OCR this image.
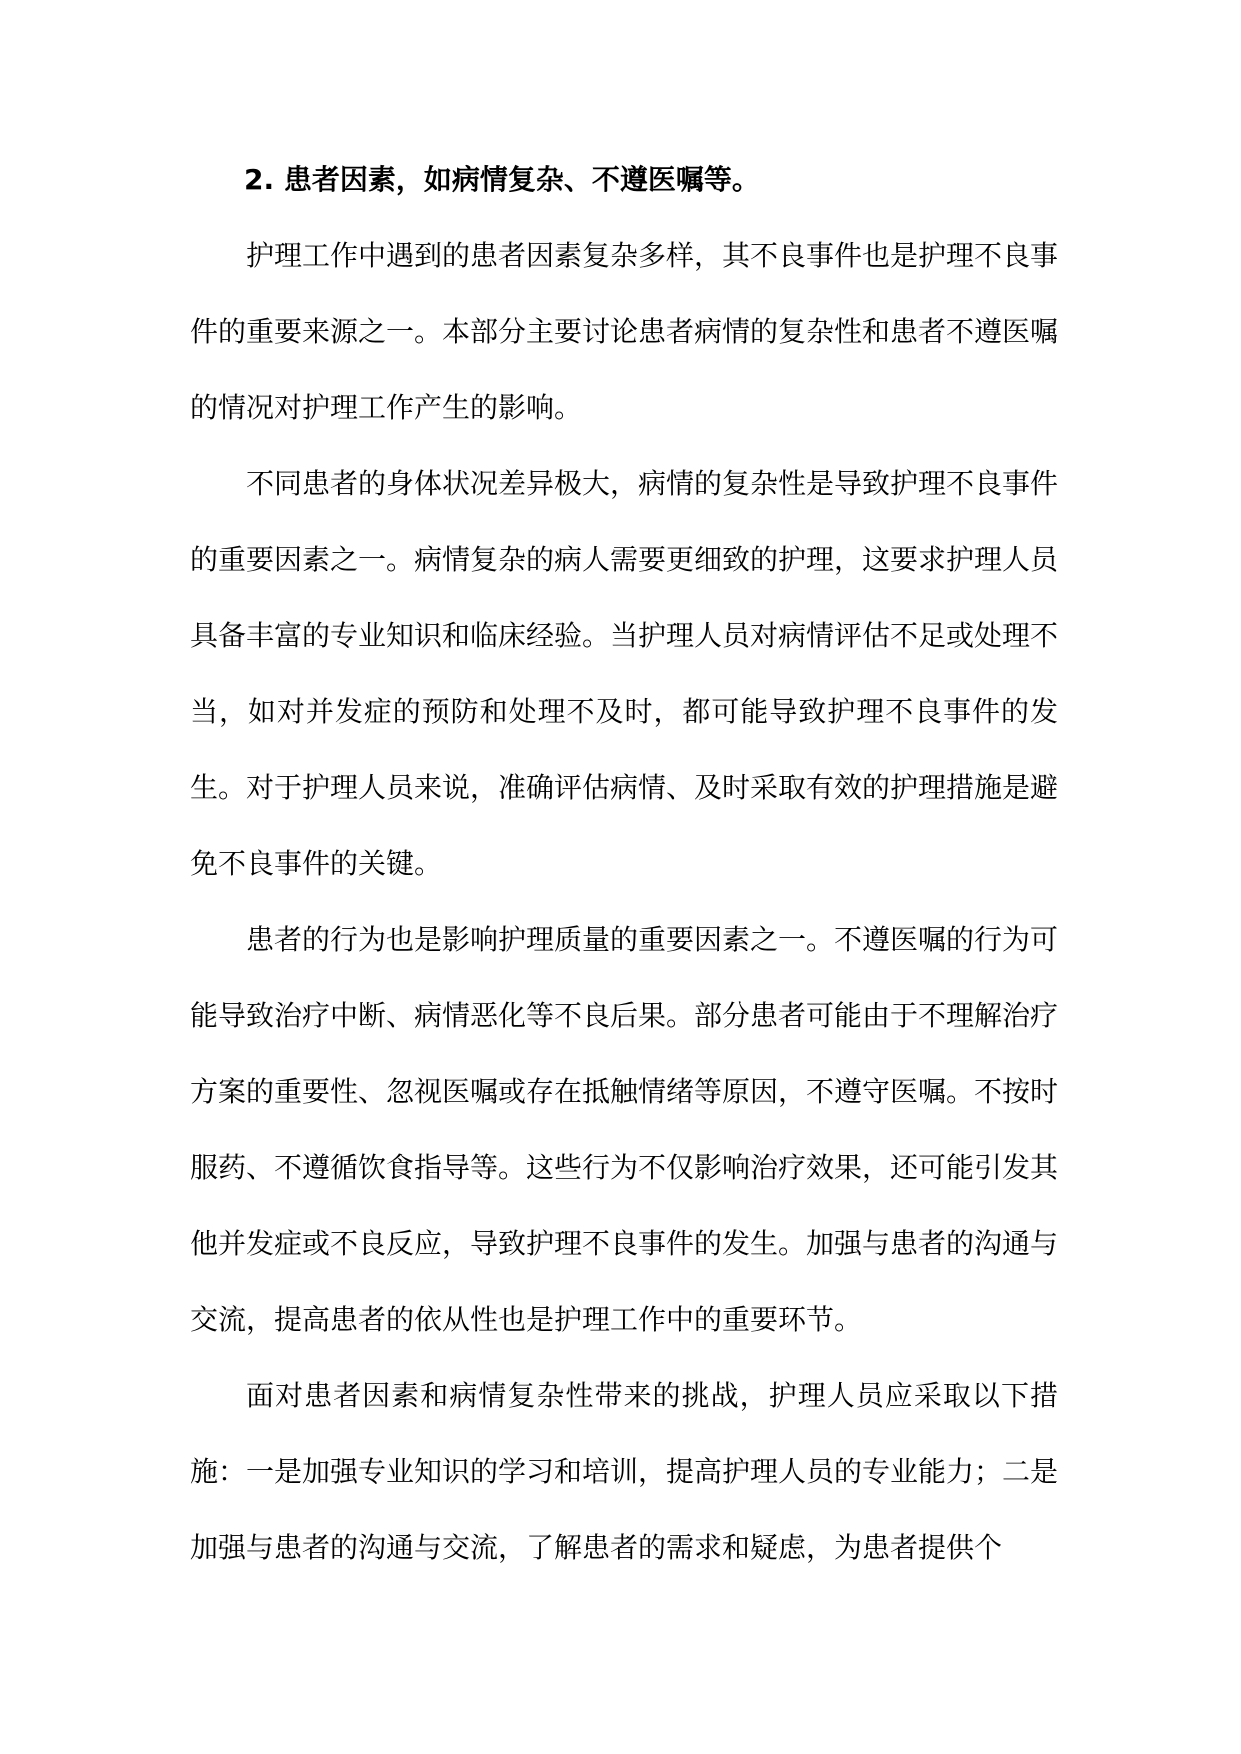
2. 患者因素，如病情复杂、不遵医嘱等。

护理工作中遇到的患者因素复杂多样，其不良事件也是护理不良事件的重要来源之一。本部分主要讨论患者病情的复杂性和患者不遵医嘱的情况对护理工作产生的影响。

不同患者的身体状况差异极大，病情的复杂性是导致护理不良事件的重要因素之一。病情复杂的病人需要更细致的护理，这要求护理人员具备丰富的专业知识和临床经验。当护理人员对病情评估不足或处理不当，如对并发症的预防和处理不及时，都可能导致护理不良事件的发生。对于护理人员来说，准确评估病情、及时采取有效的护理措施是避免不良事件的关键。

患者的行为也是影响护理质量的重要因素之一。不遵医嘱的行为可能导致治疗中断、病情恶化等不良后果。部分患者可能由于不理解治疗方案的重要性、忽视医嘱或存在抵触情绪等原因，不遵守医嘱。不按时服药、不遵循饮食指导等。这些行为不仅影响治疗效果，还可能引发其他并发症或不良反应，导致护理不良事件的发生。加强与患者的沟通与交流，提高患者的依从性也是护理工作中的重要环节。

面对患者因素和病情复杂性带来的挑战，护理人员应采取以下措施：一是加强专业知识的学习和培训，提高护理人员的专业能力；二是加强与患者的沟通与交流，了解患者的需求和疑虑，为患者提供个
